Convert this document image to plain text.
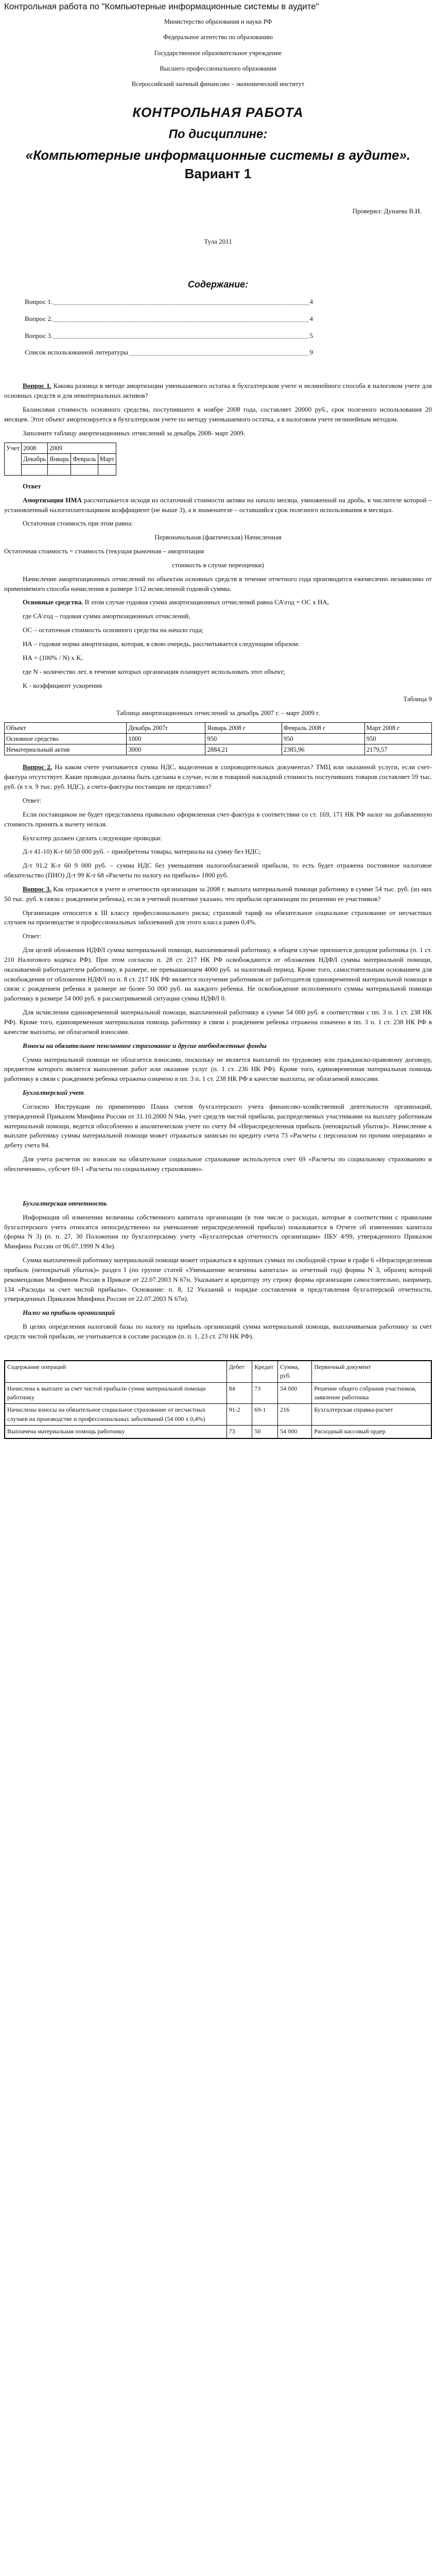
Контрольная работа по "Компьютерные информационные системы в аудите"
Министерство образования и науки РФ
Федеральное агентство по образованию
Государственное образовательное учреждение
Высшего профессионального образования
Всероссийский заочный финансово – экономический институт
КОНТРОЛЬНАЯ РАБОТА
По дисциплине:
«Компьютерные информационные системы в аудите».
Вариант 1
Проверил: Дунаева В.И.
Тула 2011
Содержание:
Вопрос 1.	4
Вопрос 2.	4
Вопрос 3.	5
Список использованной литературы	9

Вопрос 1. Какова разница в методе амортизации уменьшаемого остатка в бухгалтерском учете и нелинейного способа в налоговом учете для основных средств и для нематериальных активов?

Балансовая стоимость основного средства, поступившего в ноябре 2008 года, составляет 20000 руб., срок полезного использования 20 месяцев. Этот объект амортизируется в бухгалтерском учете по методу уменьшаемого остатка, а в налоговом учете нелинейным методом.

Заполните таблицу амортизационных отчислений за декабрь 2008- март 2009.

Учет	2008	2009		
	Декабрь	Январь	Февраль	Март

Ответ

Амортизация НМА рассчитывается исходя из остаточной стоимости актива на начало месяца, умноженной на дробь, в числителе которой – установленный налогоплательщиком коэффициент (не выше 3), а в знаменателе – оставшийся срок полезного использования в месяцах.

Остаточная стоимость при этом равна:

Первоначальная (фактическая) Начисленная

Остаточная стоимость = стоимость (текущая рыночная – амортизация

стоимость в случае переоценки)

Начисление амортизационных отчислений по объектам основных средств в течение отчетного года производится ежемесячно независимо от применяемого способа начисления в размере 1/12 исчисленной годовой суммы.

Основные средства. В этом случае годовая сумма амортизационных отчислений равна СА\год = ОС х НА,

где СА\год – годовая сумма амортизационных отчислений,

ОС – остаточная стоимость основного средства на начало года;

НА – годовая норма амортизации, которая, в свою очередь, рассчитывается следующим образом:

НА = (100% / N) x K,

где N - количество лет, в течение которых организация планирует использовать этот объект;

K - коэффициент ускорения

Таблица 9

Таблица амортизационных отчислений за декабрь 2007 г. – март 2009 г.

Объект	Декабрь 2007г	Январь 2008 г	Февраль 2008 г	Март 2008 г
Основное средство	1000	950	950	950
Нематериальный актив	3000	2884,21	2385,96	2179,57

Вопрос 2. На каком счете учитывается сумма НДС, выделенная в сопроводительных документах? ТМЦ или оказанной услуги, если счет-фактура отсутствует. Какие проводки должны быть сделаны в случае, если в товарной накладной стоимость поступивших товаров составляет 59 тыс. руб. (в т.ч. 9 тыс. руб. НДС), а счета-фактуры поставщик не представил?

Ответ:

Если поставщиком не будет представлена правильно оформленная счет-фактура в соответствии со ст. 169, 171 НК РФ налог на добавленную стоимость принять к вычету нельзя.

Бухгалтер должен сделать следующие проводки:

Д-т 41-10) К-т 60 50 000 руб. – приобретены товары, материалы на сумму без НДС;

Д-т 91.2 К-т 60 9 000 руб. – сумма НДС без уменьшения налогооблагаемой прибыли, то есть будет отражена постоянное налоговое обязательство (ПНО) Д-т 99 К-т 68 «Расчеты по налогу на прибыль» 1800 руб.

Вопрос 3. Как отражается в учете и отчетности организации за 2008 г. выплата материальной помощи работнику в сумме 54 тыс. руб. (из них 50 тыс. руб. в связи с рождением ребенка), если в учетной политике указано, что прибыли организации по решению ее участников?

Организация относится к III классу профессионального риска; страховой тариф на обязательное социальное страхование от несчастных случаев на производстве и профессиональных заболеваний для этого класса равен 0,4%.

Ответ:

Для целей обложения НДФЛ сумма материальной помощи, выплачиваемой работнику, в общем случае признается доходом работника (п. 1 ст. 210 Налогового кодекса РФ). При этом согласно п. 28 ст. 217 НК РФ освобождаются от обложения НДФЛ суммы материальной помощи, оказываемой работодателем работнику, в размере, не превышающем 4000 руб. за налоговый период. Кроме того, самостоятельным основанием для освобождения от обложения НДФЛ по п. 8 ст. 217 НК РФ является получение работником от работодателя единовременной материальной помощи в связи с рождением ребенка в размере не более 50 000 руб. на каждого ребенка. Не освобождение исполненного суммы материальной помощи работнику в размере 54 000 руб. в рассматриваемой ситуации сумма НДФЛ 0.

Для исчисления единовременной материальной помощи, выплаченной работнику в сумме 54 000 руб. в соответствии с пп. 3 п. 1 ст. 238 НК РФ). Кроме того, единовременная материальная помощь работнику в связи с рождением ребенка отражена означено в пп. 3 п. 1 ст. 238 НК РФ в качестве выплаты, не облагаемой взносами.

Взносы на обязательное пенсионное страхование и другие внебюджетные фонды

Сумма материальной помощи не облагается взносами, поскольку не является выплатой по трудовому или гражданско-правовому договору, предметом которого является выполнение работ или оказание услуг (п. 1 ст. 236 НК РФ). Кроме того, единовременная материальная помощь работнику в связи с рождением ребенка отражена означено в пп. 3 п. 1 ст. 238 НК РФ в качестве выплаты, не облагаемой взносами.

Бухгалтерский учет

Согласно Инструкции по применению Плана счетов бухгалтерского учета финансово-хозяйственной деятельности организаций, утвержденной Приказом Минфина России от 31.10.2000 N 94н, учет средств чистой прибыли, распределяемых участниками на выплату работникам материальной помощи, ведется обособленно в аналитическом учете по счету 84 «Нераспределенная прибыль (непокрытый убыток)». Начисление к выплате работнику суммы материальной помощи может отражаться записью по кредиту счета 73 «Расчеты с персоналом по прочим операциям» и дебету счета 84.

Для учета расчетов по взносам на обязательное социальное страхование используется счет 69 «Расчеты по социальному страхованию и обеспечению», субсчет 69-1 «Расчеты по социальному страхованию».

Бухгалтерская отчетность

Информация об изменении величины собственного капитала организации (в том числе о расходах, которые в соответствии с правилами бухгалтерского учета относятся непосредственно на уменьшение нераспределенной прибыли) показывается в Отчете об изменениях капитала (форма N 3) (п. п. 27, 30 Положения по бухгалтерскому учету «Бухгалтерская отчетность организации» ПБУ 4/99, утвержденного Приказом Минфина России от 06.07.1999 N 43н).

Сумма выплаченной работнику материальной помощи может отражаться в крупных суммах по свободной строке в графе 6 «Нераспределенная прибыль (непокрытый убыток)» раздел I (по группе статей «Уменьшение величины капитала» за отчетный год) формы N 3, образец которой рекомендован Минфином России в Приказе от 22.07.2003 N 67н. Указывает и кредитору эту строку формы организации самостоятельно, например, 134 «Расходы за счет чистой прибыли». Основание: п. 8, 12 Указаний о порядке составления и представления бухгалтерской отчетности, утвержденных Приказом Минфина России от 22.07.2003 N 67н).

Налог на прибыль организаций

В целях определения налоговой базы по налогу на прибыль организаций сумма материальной помощи, выплачиваемая работнику за счет средств чистой прибыли, не учитывается в составе расходов (п. п. 1, 23 ст. 270 НК РФ).

Содержание операций	Дебет	Кредит	Сумма, руб.	Первичный документ
Начислена к выплате за счет чистой прибыли сумма материальной помощи работнику	84	73	54 000	Решение общего собрания участников, заявление работника
Начислены взносы на обязательное социальное страхование от несчастных случаев на производстве и профессиональных заболеваний (54 000 х 0,4%)	91-2	69-1	216	Бухгалтерская справка-расчет
Выплачена материальная помощь работнику	73	50	54 000	Расходный кассовый ордер
